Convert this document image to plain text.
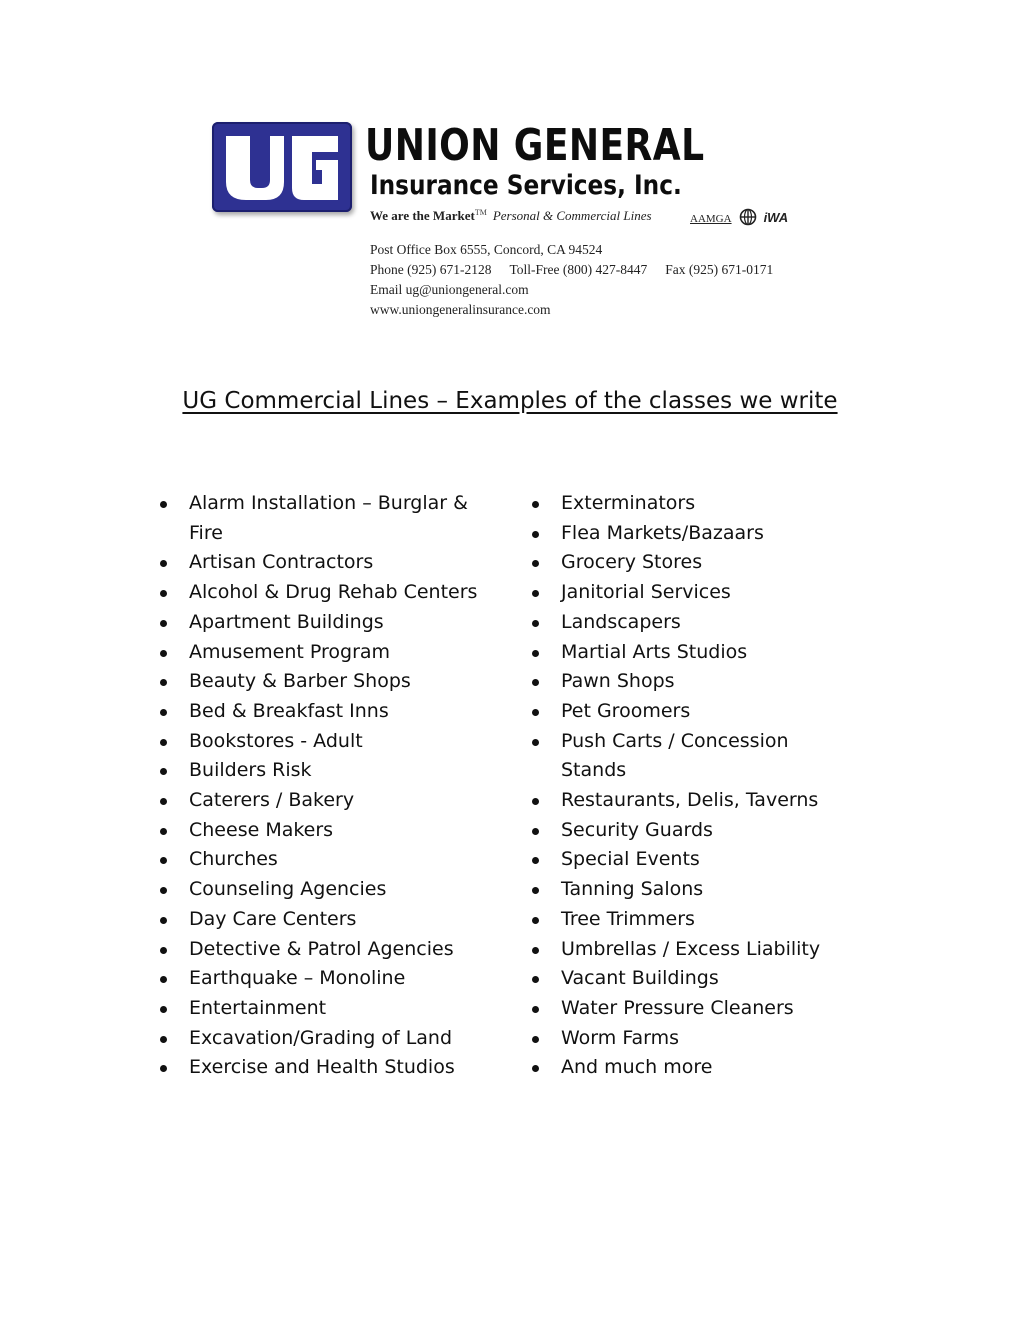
UNION GENERAL
Insurance Services, Inc.
We are the Market™ Personal & Commercial Lines	AAMGA iWA
Post Office Box 6555, Concord, CA 94524
Phone (925) 671-2128 Toll-Free (800) 427-8447 Fax (925) 671-0171
Email ug@uniongeneral.com
www.uniongeneralinsurance.com
UG Commercial Lines – Examples of the classes we write
Alarm Installation – Burglar & Fire
Artisan Contractors
Alcohol & Drug Rehab Centers
Apartment Buildings
Amusement Program
Beauty & Barber Shops
Bed & Breakfast Inns
Bookstores - Adult
Builders Risk
Caterers / Bakery
Cheese Makers
Churches
Counseling Agencies
Day Care Centers
Detective & Patrol Agencies
Earthquake – Monoline
Entertainment
Excavation/Grading of Land
Exercise and Health Studios
Exterminators
Flea Markets/Bazaars
Grocery Stores
Janitorial Services
Landscapers
Martial Arts Studios
Pawn Shops
Pet Groomers
Push Carts / Concession Stands
Restaurants, Delis, Taverns
Security Guards
Special Events
Tanning Salons
Tree Trimmers
Umbrellas / Excess Liability
Vacant Buildings
Water Pressure Cleaners
Worm Farms
And much more
